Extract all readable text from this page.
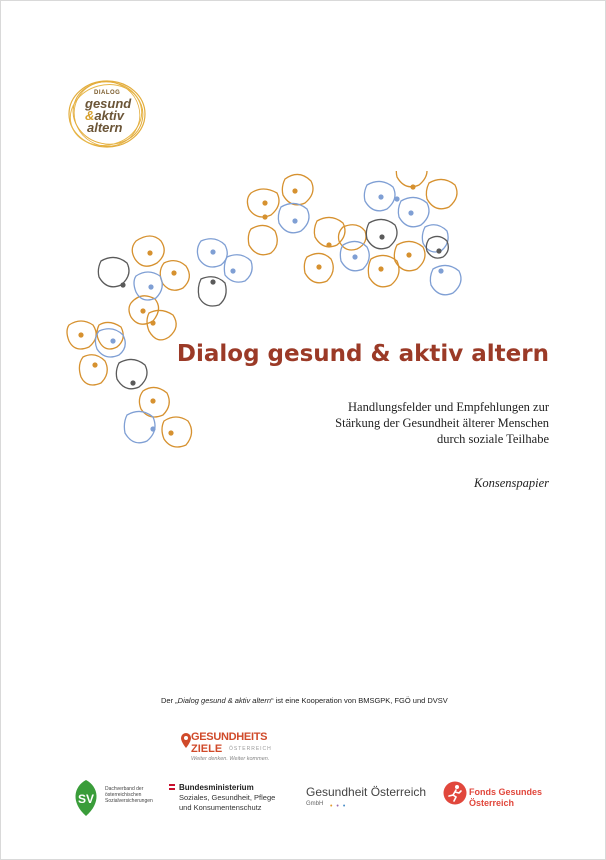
DIALOG
gesund
&aktiv
altern
Dialog gesund & aktiv altern
Handlungsfelder und Empfehlungen zur
Stärkung der Gesundheit älterer Menschen
durch soziale Teilhabe
Konsenspapier
Der „Dialog gesund & aktiv altern“ ist eine Kooperation von BMSGPK, FGÖ und DVSV
GESUNDHEITS
ZIELE ÖSTERREICH
Weiter denken. Weiter kommen.
SV
Dachverband der österreichischen Sozialversicherungen
Bundesministerium
Soziales, Gesundheit, Pflege
und Konsumentenschutz
Gesundheit Österreich
GmbH • • •
Fonds Gesundes
Österreich
